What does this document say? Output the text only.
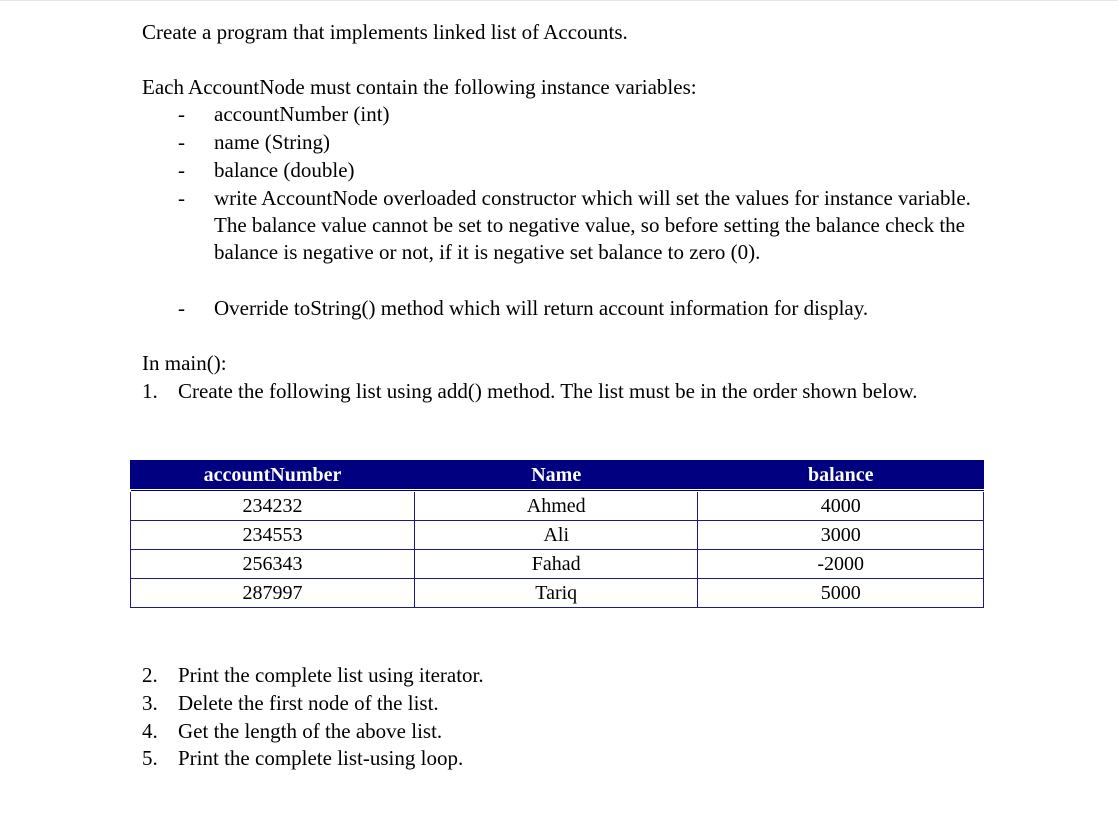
Create a program that implements linked list of Accounts.
Each AccountNode must contain the following instance variables:
- accountNumber (int)
- name (String)
- balance (double)
- write AccountNode overloaded constructor which will set the values for instance variable. The balance value cannot be set to negative value, so before setting the balance check the balance is negative or not, if it is negative set balance to zero (0).
- Override toString() method which will return account information for display.
In main():
1. Create the following list using add() method. The list must be in the order shown below.
accountNumber	Name	balance
234232	Ahmed	4000
234553	Ali	3000
256343	Fahad	-2000
287997	Tariq	5000
2. Print the complete list using iterator.
3. Delete the first node of the list.
4. Get the length of the above list.
5. Print the complete list-using loop.
